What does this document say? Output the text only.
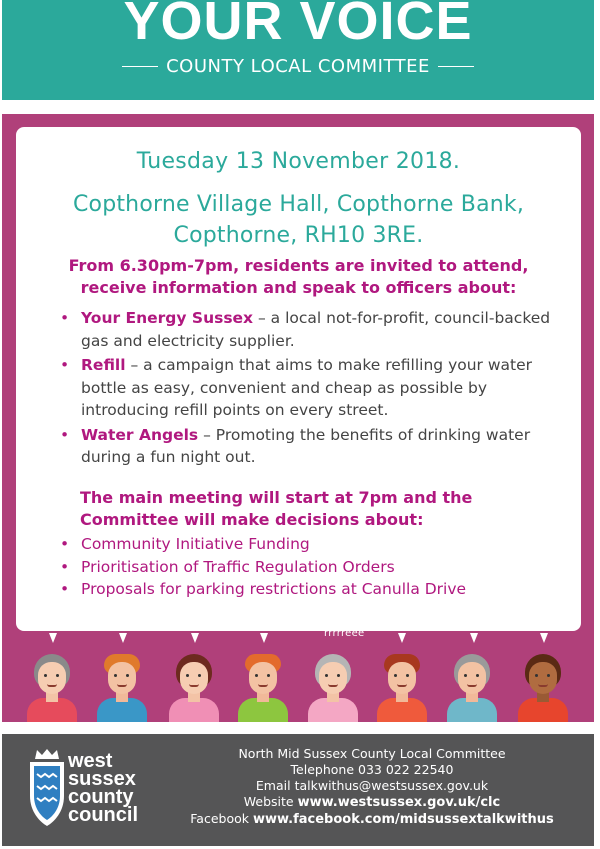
YOUR VOICE
COUNTY LOCAL COMMITTEE
Tuesday 13 November 2018.
Copthorne Village Hall, Copthorne Bank,
Copthorne, RH10 3RE.
From 6.30pm-7pm, residents are invited to attend,
receive information and speak to officers about:
• Your Energy Sussex – a local not-for-profit, council-backed gas and electricity supplier.
• Refill – a campaign that aims to make refilling your water bottle as easy, convenient and cheap as possible by introducing refill points on every street.
• Water Angels – Promoting the benefits of drinking water during a fun night out.
The main meeting will start at 7pm and the
Committee will make decisions about:
• Community Initiative Funding
• Prioritisation of Traffic Regulation Orders
• Proposals for parking restrictions at Canulla Drive
rrrrreee
west
sussex
county
council
North Mid Sussex County Local Committee
Telephone 033 022 22540
Email talkwithus@westsussex.gov.uk
Website www.westsussex.gov.uk/clc
Facebook www.facebook.com/midsussextalkwithus
